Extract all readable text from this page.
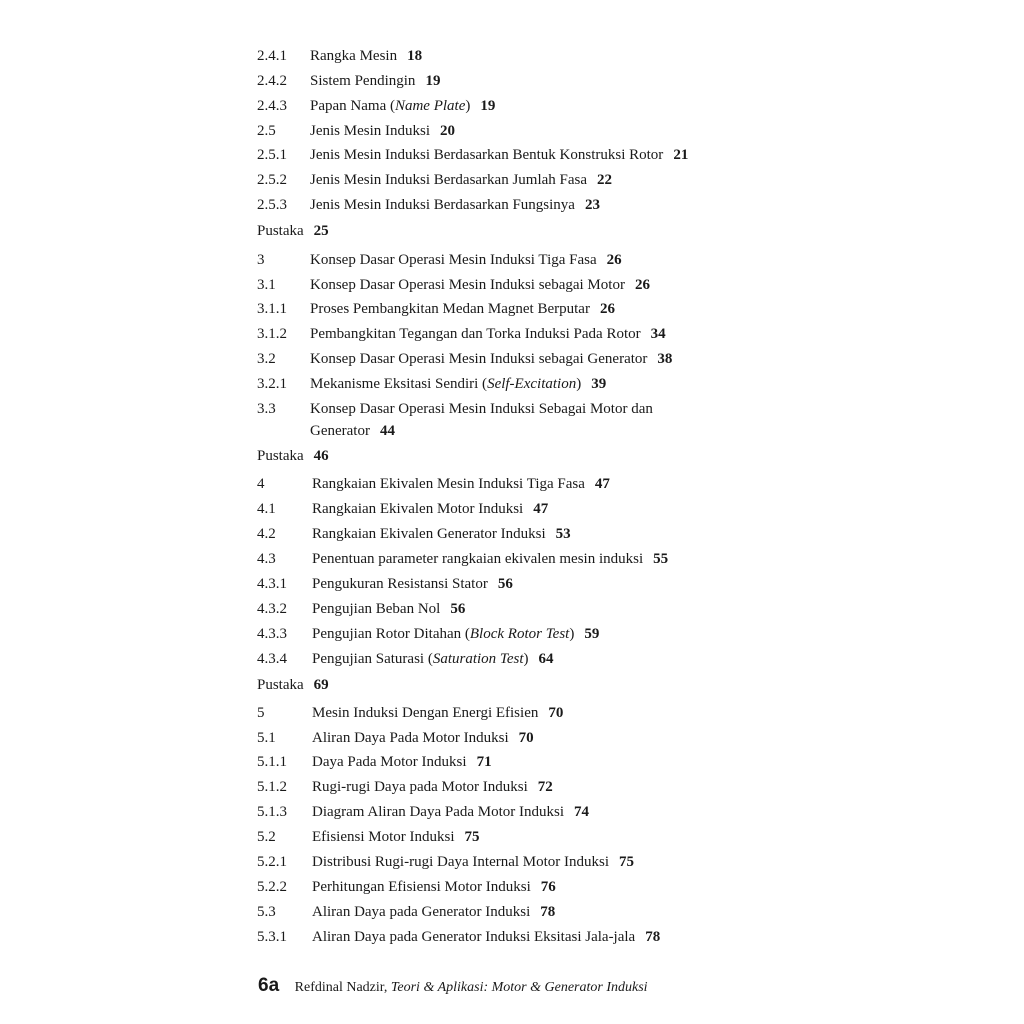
2.4.1 Rangka Mesin 18
2.4.2 Sistem Pendingin 19
2.4.3 Papan Nama (Name Plate) 19
2.5 Jenis Mesin Induksi 20
2.5.1 Jenis Mesin Induksi Berdasarkan Bentuk Konstruksi Rotor 21
2.5.2 Jenis Mesin Induksi Berdasarkan Jumlah Fasa 22
2.5.3 Jenis Mesin Induksi Berdasarkan Fungsinya 23
Pustaka 25
3	Konsep Dasar Operasi Mesin Induksi Tiga Fasa 26
3.1 Konsep Dasar Operasi Mesin Induksi sebagai Motor 26
3.1.1 Proses Pembangkitan Medan Magnet Berputar 26
3.1.2 Pembangkitan Tegangan dan Torka Induksi Pada Rotor 34
3.2 Konsep Dasar Operasi Mesin Induksi sebagai Generator 38
3.2.1 Mekanisme Eksitasi Sendiri (Self-Excitation) 39
3.3 Konsep Dasar Operasi Mesin Induksi Sebagai Motor dan
Generator 44
Pustaka 46
4	Rangkaian Ekivalen Mesin Induksi Tiga Fasa 47
4.1 Rangkaian Ekivalen Motor Induksi 47
4.2 Rangkaian Ekivalen Generator Induksi 53
4.3 Penentuan parameter rangkaian ekivalen mesin induksi 55
4.3.1 Pengukuran Resistansi Stator 56
4.3.2 Pengujian Beban Nol 56
4.3.3 Pengujian Rotor Ditahan (Block Rotor Test) 59
4.3.4 Pengujian Saturasi (Saturation Test) 64
Pustaka 69
5	Mesin Induksi Dengan Energi Efisien 70
5.1 Aliran Daya Pada Motor Induksi 70
5.1.1 Daya Pada Motor Induksi 71
5.1.2 Rugi-rugi Daya pada Motor Induksi 72
5.1.3 Diagram Aliran Daya Pada Motor Induksi 74
5.2 Efisiensi Motor Induksi 75
5.2.1 Distribusi Rugi-rugi Daya Internal Motor Induksi 75
5.2.2 Perhitungan Efisiensi Motor Induksi 76
5.3 Aliran Daya pada Generator Induksi 78
5.3.1 Aliran Daya pada Generator Induksi Eksitasi Jala-jala 78
6a Refdinal Nadzir, Teori & Aplikasi: Motor & Generator Induksi
